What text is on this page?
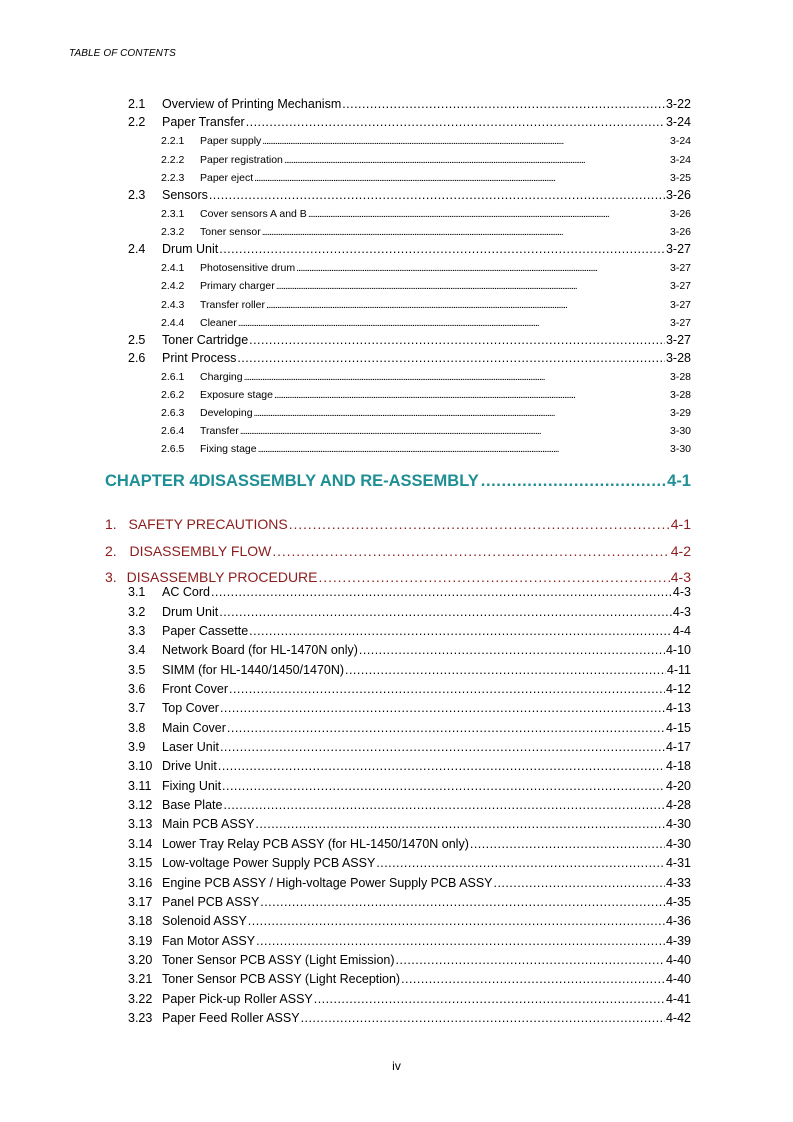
TABLE OF CONTENTS
2.1	Overview of Printing Mechanism . . .	3-22
2.2	Paper Transfer . . .	3-24
2.2.1	Paper supply . . .	3-24
2.2.2	Paper registration . . .	3-24
2.2.3	Paper eject . . .	3-25
2.3	Sensors . . .	3-26
2.3.1	Cover sensors A and B . . .	3-26
2.3.2	Toner sensor . . .	3-26
2.4	Drum Unit . . .	3-27
2.4.1	Photosensitive drum . . .	3-27
2.4.2	Primary charger . . .	3-27
2.4.3	Transfer roller . . .	3-27
2.4.4	Cleaner . . .	3-27
2.5	Toner Cartridge . . .	3-27
2.6	Print Process . . .	3-28
2.6.1	Charging . . .	3-28
2.6.2	Exposure stage . . .	3-28
2.6.3	Developing . . .	3-29
2.6.4	Transfer . . .	3-30
2.6.5	Fixing stage . . .	3-30
CHAPTER 4 DISASSEMBLY AND RE-ASSEMBLY . . .	4-1
1. SAFETY PRECAUTIONS . . .	4-1
2. DISASSEMBLY FLOW . . .	4-2
3. DISASSEMBLY PROCEDURE . . .	4-3
3.1	AC Cord . . .	4-3
3.2	Drum Unit . . .	4-3
3.3	Paper Cassette . . .	4-4
3.4	Network Board (for HL-1470N only) . . .	4-10
3.5	SIMM (for HL-1440/1450/1470N) . . .	4-11
3.6	Front Cover . . .	4-12
3.7	Top Cover . . .	4-13
3.8	Main Cover . . .	4-15
3.9	Laser Unit . . .	4-17
3.10 Drive Unit . . .	4-18
3.11 Fixing Unit . . .	4-20
3.12 Base Plate . . .	4-28
3.13 Main PCB ASSY . . .	4-30
3.14 Lower Tray Relay PCB ASSY (for HL-1450/1470N only) . . .	4-30
3.15 Low-voltage Power Supply PCB ASSY . . .	4-31
3.16 Engine PCB ASSY / High-voltage Power Supply PCB ASSY . . .	4-33
3.17 Panel PCB ASSY . . .	4-35
3.18 Solenoid ASSY . . .	4-36
3.19 Fan Motor ASSY . . .	4-39
3.20 Toner Sensor PCB ASSY (Light Emission) . . .	4-40
3.21 Toner Sensor PCB ASSY (Light Reception) . . .	4-40
3.22 Paper Pick-up Roller ASSY . . .	4-41
3.23 Paper Feed Roller ASSY . . .	4-42
iv
